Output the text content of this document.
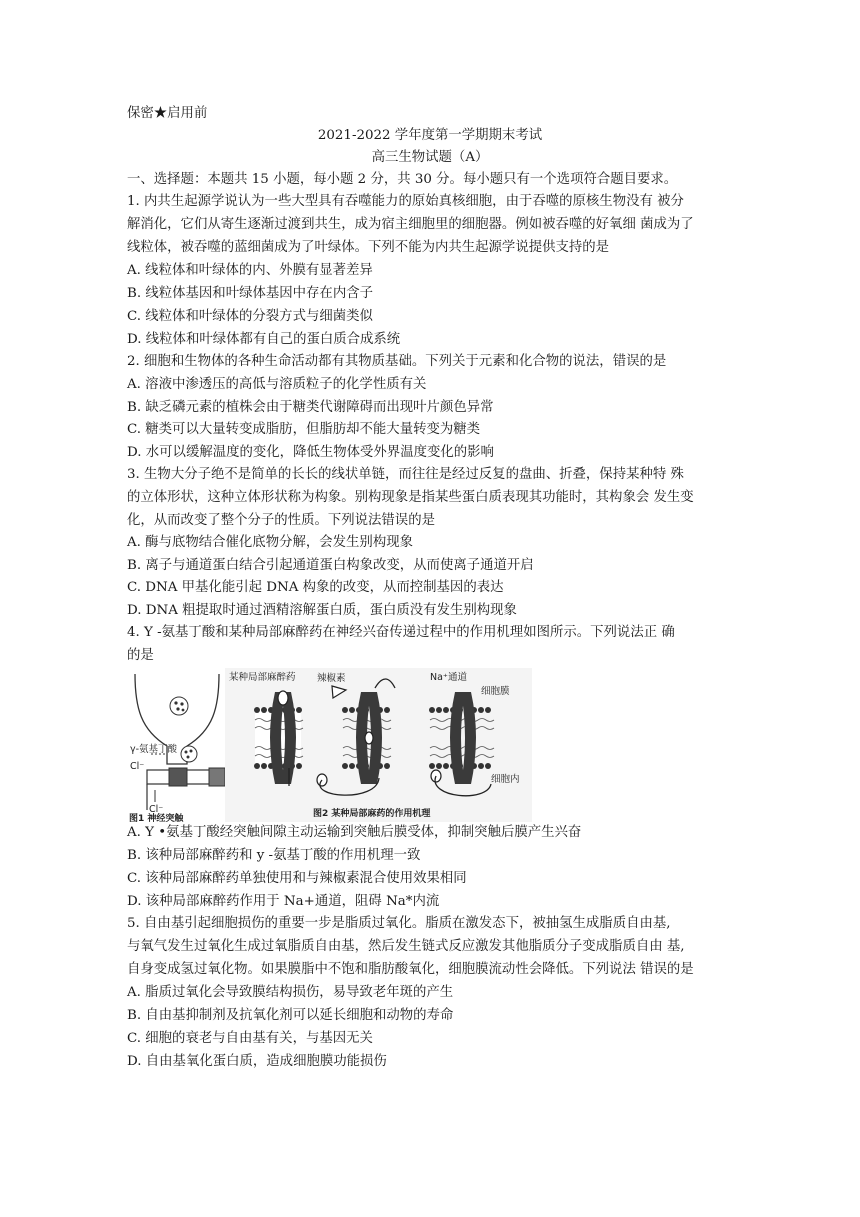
保密★启用前
2021-2022 学年度第一学期期末考试
高三生物试题（A）
一、选择题：本题共 15 小题，每小题 2 分，共 30 分。每小题只有一个选项符合题目要求。
1. 内共生起源学说认为一些大型具有吞噬能力的原始真核细胞，由于吞噬的原核生物没有 被分
解消化，它们从寄生逐渐过渡到共生，成为宿主细胞里的细胞器。例如被吞噬的好氧细 菌成为了
线粒体，被吞噬的蓝细菌成为了叶绿体。下列不能为内共生起源学说提供支持的是
A. 线粒体和叶绿体的内、外膜有显著差异
B. 线粒体基因和叶绿体基因中存在内含子
C. 线粒体和叶绿体的分裂方式与细菌类似
D. 线粒体和叶绿体都有自己的蛋白质合成系统
2. 细胞和生物体的各种生命活动都有其物质基础。下列关于元素和化合物的说法，错误的是
A. 溶液中渗透压的高低与溶质粒子的化学性质有关
B. 缺乏磷元素的植株会由于糖类代谢障碍而出现叶片颜色异常
C. 糖类可以大量转变成脂肪，但脂肪却不能大量转变为糖类
D. 水可以缓解温度的变化，降低生物体受外界温度变化的影响
3. 生物大分子绝不是简单的长长的线状单链，而往往是经过反复的盘曲、折叠，保持某种特 殊
的立体形状，这种立体形状称为构象。别构现象是指某些蛋白质表现其功能时，其构象会 发生变
化，从而改变了整个分子的性质。下列说法错误的是
A. 酶与底物结合催化底物分解，会发生别构现象
B. 离子与通道蛋白结合引起通道蛋白构象改变，从而使离子通道开启
C. DNA 甲基化能引起 DNA 构象的改变，从而控制基因的表达
D. DNA 粗提取时通过酒精溶解蛋白质，蛋白质没有发生别构现象
4. Y -氨基丁酸和某种局部麻醉药在神经兴奋传递过程中的作用机理如图所示。下列说法正 确
的是
γ-氨基丁酸
Cl⁻
Cl⁻
图1 神经突触
某种局部麻醉药 辣椒素	Na⁺通道
细胞膜
细胞内
图2 某种局部麻药的作用机理
A. Y •氨基丁酸经突触间隙主动运输到突触后膜受体，抑制突触后膜产生兴奋
B. 该种局部麻醉药和 y -氨基丁酸的作用机理一致
C. 该种局部麻醉药单独使用和与辣椒素混合使用效果相同
D. 该种局部麻醉药作用于 Na+通道，阻碍 Na*内流
5. 自由基引起细胞损伤的重要一步是脂质过氧化。脂质在激发态下，被抽氢生成脂质自由基,
与氧气发生过氧化生成过氧脂质自由基，然后发生链式反应激发其他脂质分子变成脂质自由 基,
自身变成氢过氧化物。如果膜脂中不饱和脂肪酸氧化，细胞膜流动性会降低。下列说法 错误的是
A. 脂质过氧化会导致膜结构损伤，易导致老年斑的产生
B. 自由基抑制剂及抗氧化剂可以延长细胞和动物的寿命
C. 细胞的衰老与自由基有关，与基因无关
D. 自由基氧化蛋白质，造成细胞膜功能损伤
